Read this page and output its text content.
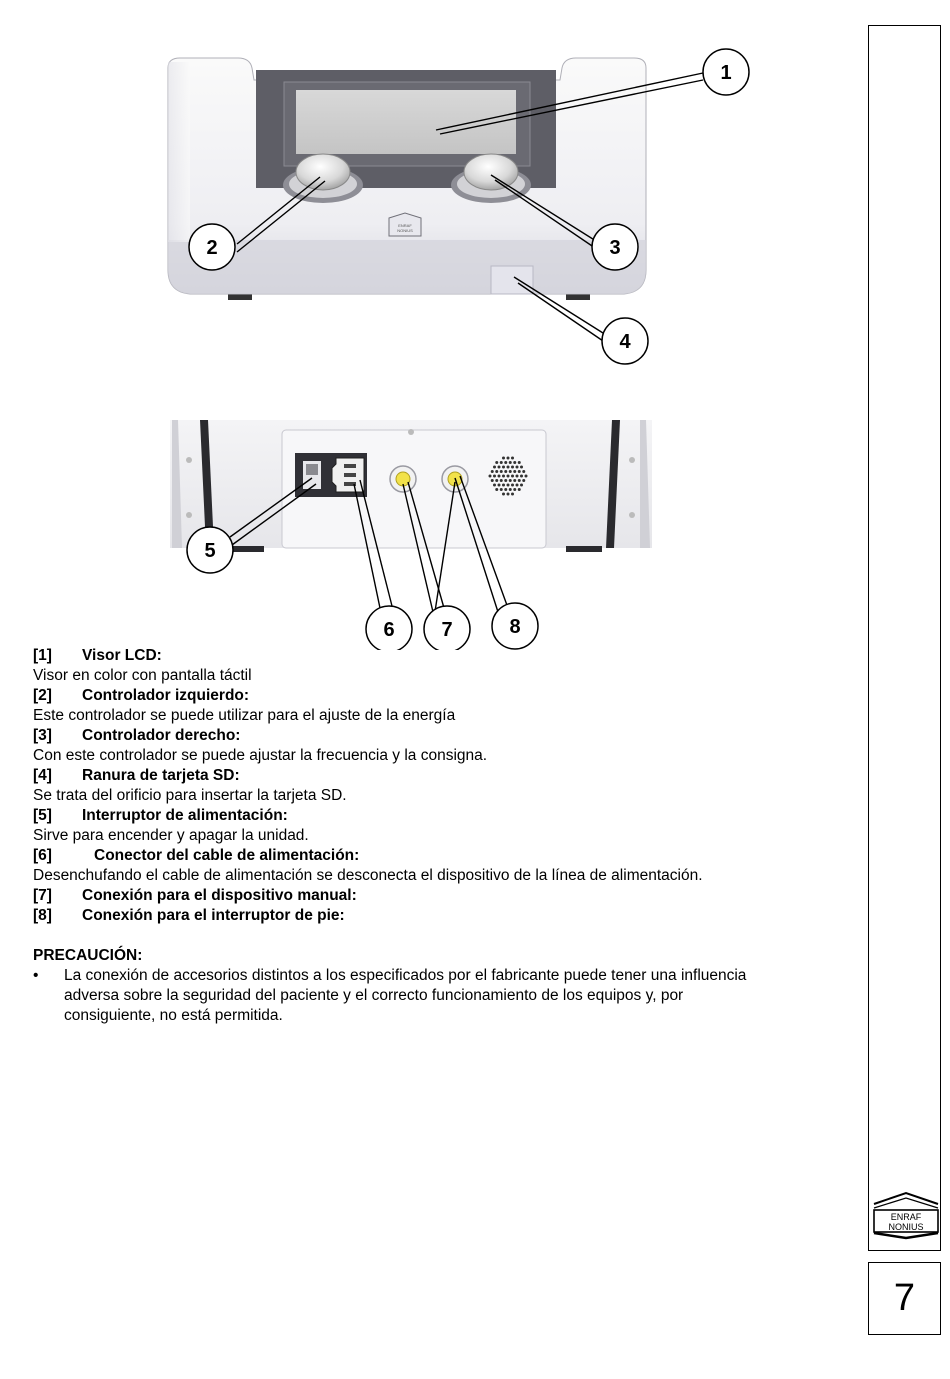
ENRAF
NONIUS
1
2	3
4
5
6 7	8
[1] Visor LCD:
Visor en color con pantalla táctil
[2] Controlador izquierdo:
Este controlador se puede utilizar para el ajuste de la energía
[3] Controlador derecho:
Con este controlador se puede ajustar la frecuencia y la consigna.
[4] Ranura de tarjeta SD:
Se trata del orificio para insertar la tarjeta SD.
[5] Interruptor de alimentación:
Sirve para encender y apagar la unidad.
[6]	Conector del cable de alimentación:
Desenchufando el cable de alimentación se desconecta el dispositivo de la línea de alimentación.
[7] Conexión para el dispositivo manual:
[8] Conexión para el interruptor de pie:
PRECAUCIÓN:
•	La conexión de accesorios distintos a los especificados por el fabricante puede tener una influencia
adversa sobre la seguridad del paciente y el correcto funcionamiento de los equipos y, por
consiguiente, no está permitida.
ENRAF
NONIUS
7
